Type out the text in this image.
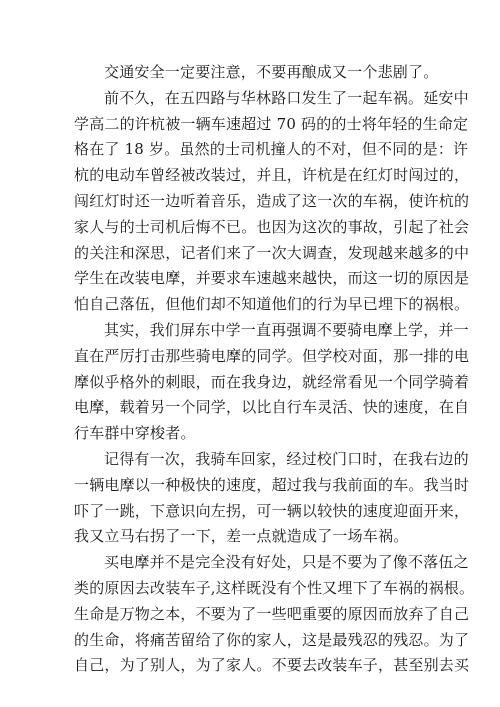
交通安全一定要注意，不要再酿成又一个悲剧了。
前不久，在五四路与华林路口发生了一起车祸。延安中
学高二的许杭被一辆车速超过 70 码的的士将年轻的生命定
格在了 18 岁。虽然的士司机撞人的不对，但不同的是：许
杭的电动车曾经被改装过，并且，许杭是在红灯时闯过的，
闯红灯时还一边听着音乐，造成了这一次的车祸，使许杭的
家人与的士司机后悔不已。也因为这次的事故，引起了社会
的关注和深思，记者们来了一次大调查，发现越来越多的中
学生在改装电摩，并要求车速越来越快，而这一切的原因是
怕自己落伍，但他们却不知道他们的行为早已埋下的祸根。
其实，我们屏东中学一直再强调不要骑电摩上学，并一
直在严厉打击那些骑电摩的同学。但学校对面，那一排的电
摩似乎格外的刺眼，而在我身边，就经常看见一个同学骑着
电摩，载着另一个同学，以比自行车灵活、快的速度，在自
行车群中穿梭者。
记得有一次，我骑车回家，经过校门口时，在我右边的
一辆电摩以一种极快的速度，超过我与我前面的车。我当时
吓了一跳，下意识向左拐，可一辆以较快的速度迎面开来，
我又立马右拐了一下，差一点就造成了一场车祸。
买电摩并不是完全没有好处，只是不要为了像不落伍之
类的原因去改装车子,这样既没有个性又埋下了车祸的祸根。
生命是万物之本，不要为了一些吧重要的原因而放弃了自己
的生命，将痛苦留给了你的家人，这是最残忍的残忍。为了
自己，为了别人，为了家人。不要去改装车子，甚至别去买
